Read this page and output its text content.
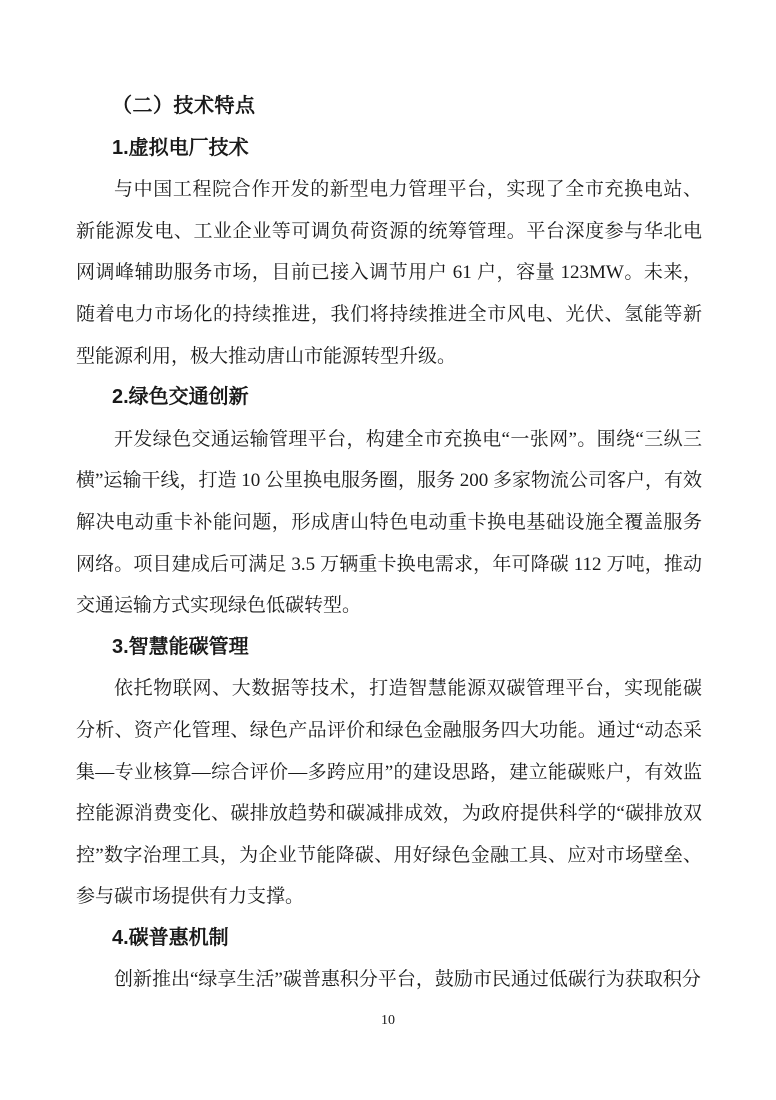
（二）技术特点
1.虚拟电厂技术

与中国工程院合作开发的新型电力管理平台，实现了全市充换电站、新能源发电、工业企业等可调负荷资源的统筹管理。平台深度参与华北电网调峰辅助服务市场，目前已接入调节用户 61 户，容量 123MW。未来，随着电力市场化的持续推进，我们将持续推进全市风电、光伏、氢能等新型能源利用，极大推动唐山市能源转型升级。

2.绿色交通创新

开发绿色交通运输管理平台，构建全市充换电“一张网”。围绕“三纵三横”运输干线，打造 10 公里换电服务圈，服务 200 多家物流公司客户，有效解决电动重卡补能问题，形成唐山特色电动重卡换电基础设施全覆盖服务网络。项目建成后可满足 3.5 万辆重卡换电需求，年可降碳 112 万吨，推动交通运输方式实现绿色低碳转型。

3.智慧能碳管理

依托物联网、大数据等技术，打造智慧能源双碳管理平台，实现能碳分析、资产化管理、绿色产品评价和绿色金融服务四大功能。通过“动态采集—专业核算—综合评价—多跨应用”的建设思路，建立能碳账户，有效监控能源消费变化、碳排放趋势和碳减排成效，为政府提供科学的“碳排放双控”数字治理工具，为企业节能降碳、用好绿色金融工具、应对市场壁垒、参与碳市场提供有力支撑。

4.碳普惠机制

创新推出“绿享生活”碳普惠积分平台，鼓励市民通过低碳行为获取积分

10
